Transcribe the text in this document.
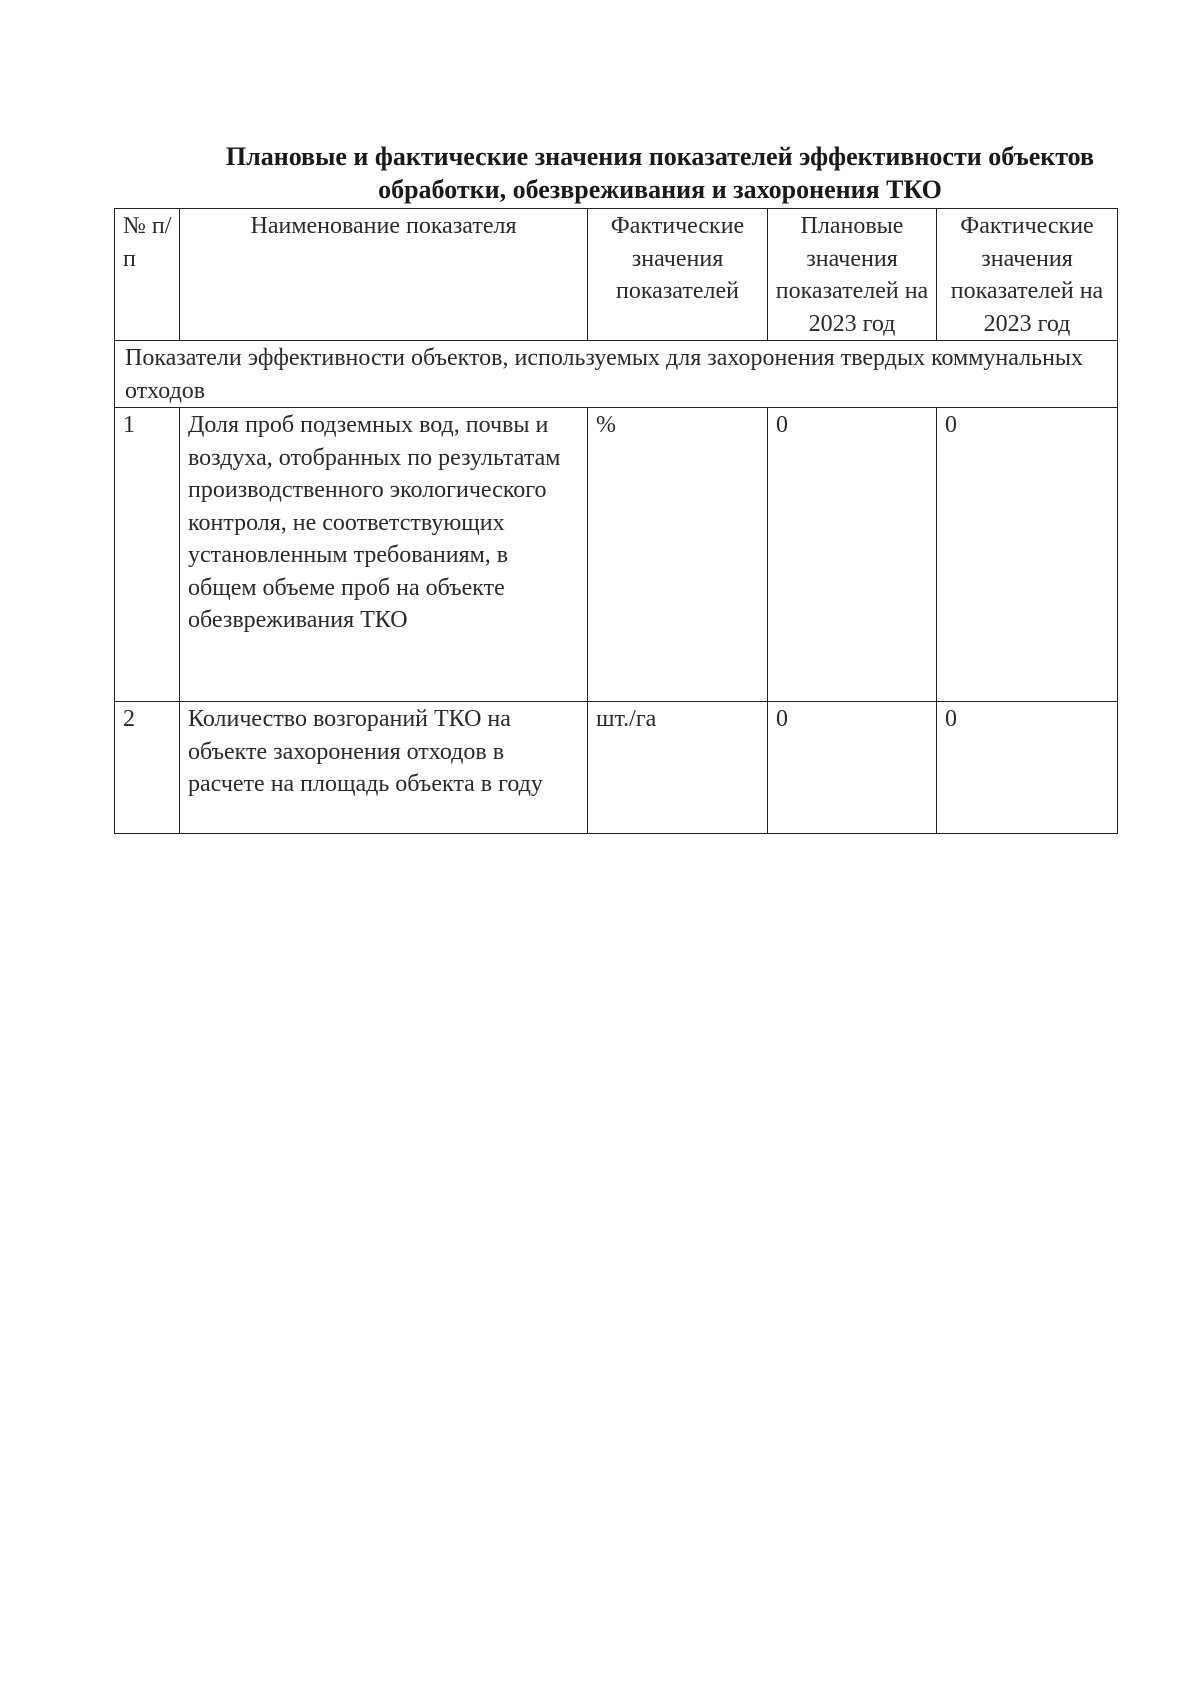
Плановые и фактические значения показателей эффективности объектов обработки, обезвреживания и захоронения ТКО
№ п/п	Наименование показателя	Фактические значения показателей	Плановые значения показателей на 2023 год	Фактические значения показателей на 2023 год
Показатели эффективности объектов, используемых для захоронения твердых коммунальных отходов				
1	Доля проб подземных вод, почвы и воздуха, отобранных по результатам производственного экологического контроля, не соответствующих установленным требованиям, в общем объеме проб на объекте обезвреживания ТКО	%	0	0
2	Количество возгораний ТКО на объекте захоронения отходов в расчете на площадь объекта в году	шт./га	0	0
